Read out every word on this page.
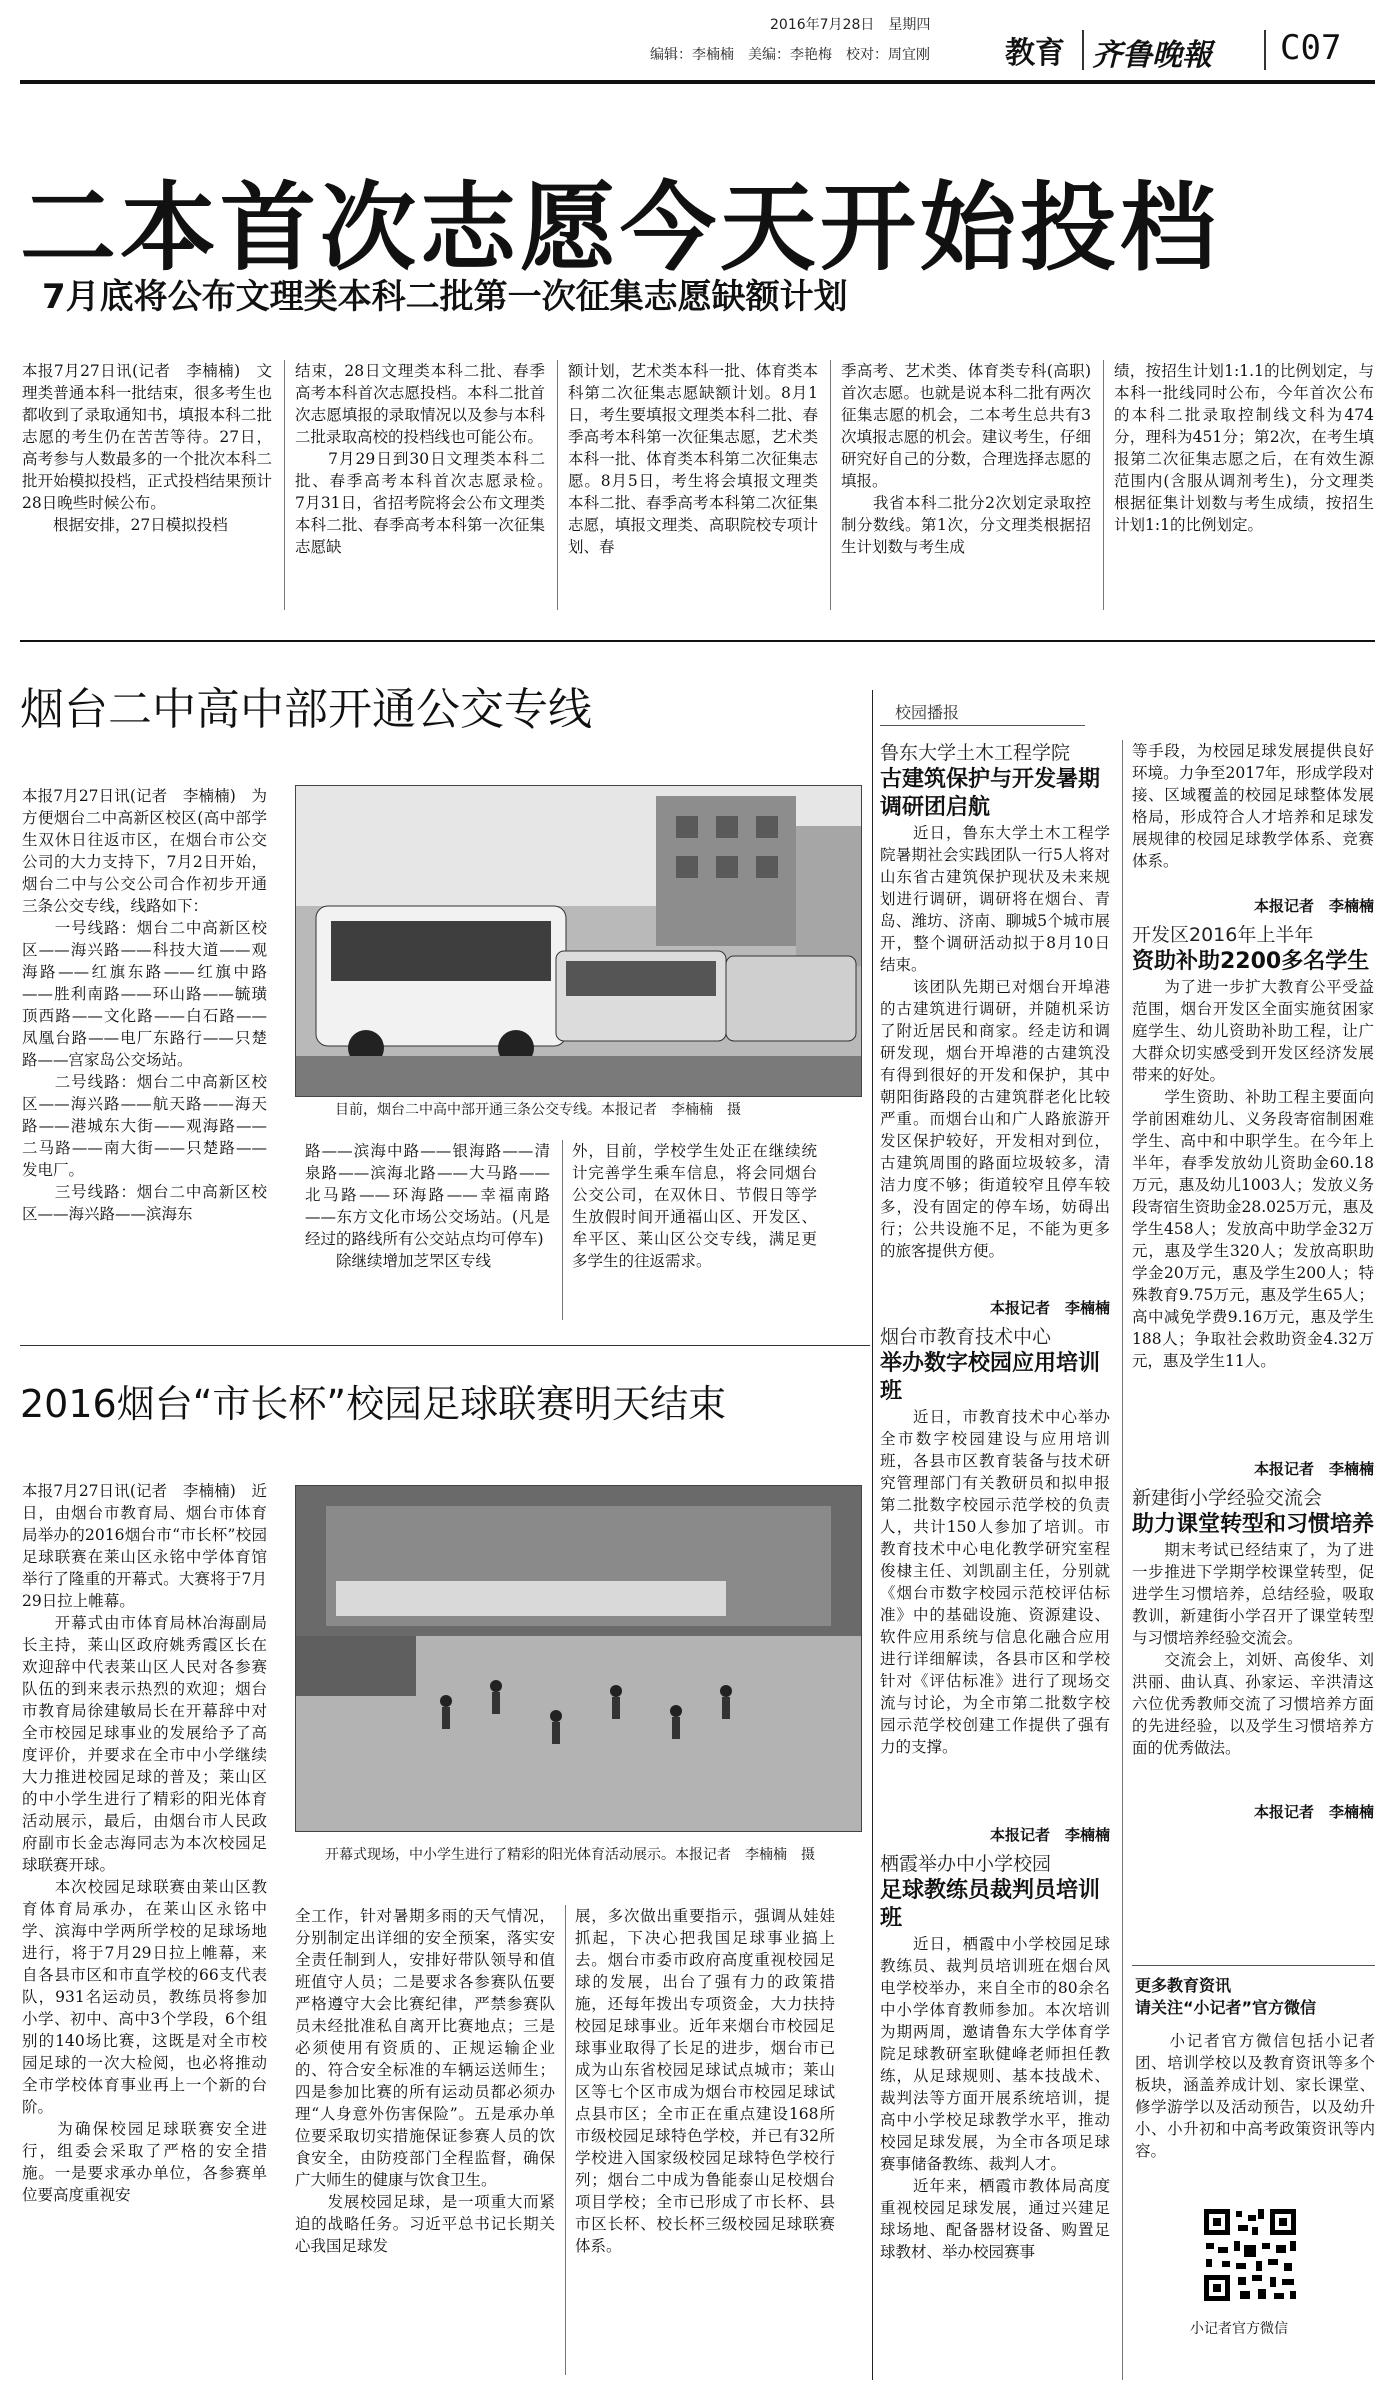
2016年7月28日　星期四
编辑：李楠楠　美编：李艳梅　校对：周宜刚	教育 齐鲁晚報 C07
二本首次志愿今天开始投档
7月底将公布文理类本科二批第一次征集志愿缺额计划
本报7月27日讯(记者　李楠楠)　文理类普通本科一批结束，很多考生也都收到了录取通知书，填报本科二批志愿的考生仍在苦苦等待。27日，高考参与人数最多的一个批次本科二批开始模拟投档，正式投档结果预计28日晚些时候公布。
　　根据安排，27日模拟投档
结束，28日文理类本科二批、春季高考本科首次志愿投档。本科二批首次志愿填报的录取情况以及参与本科二批录取高校的投档线也可能公布。
　　7月29日到30日文理类本科二批、春季高考本科首次志愿录检。　7月31日，省招考院将会公布文理类本科二批、春季高考本科第一次征集志愿缺
额计划，艺术类本科一批、体育类本科第二次征集志愿缺额计划。8月1日，考生要填报文理类本科二批、春季高考本科第一次征集志愿，艺术类本科一批、体育类本科第二次征集志愿。8月5日，考生将会填报文理类本科二批、春季高考本科第二次征集志愿，填报文理类、高职院校专项计划、春
季高考、艺术类、体育类专科(高职)首次志愿。也就是说本科二批有两次征集志愿的机会，二本考生总共有3次填报志愿的机会。建议考生，仔细研究好自己的分数，合理选择志愿的填报。
　　我省本科二批分2次划定录取控制分数线。第1次，分文理类根据招生计划数与考生成
绩，按招生计划1:1.1的比例划定，与本科一批线同时公布，今年首次公布的本科二批录取控制线文科为474分，理科为451分；第2次，在考生填报第二次征集志愿之后，在有效生源范围内(含服从调剂考生)，分文理类根据征集计划数与考生成绩，按招生计划1:1的比例划定。
烟台二中高中部开通公交专线
本报7月27日讯(记者　李楠楠)　为方便烟台二中高新区校区(高中部学生双休日往返市区，在烟台市公交公司的大力支持下，7月2日开始，烟台二中与公交公司合作初步开通三条公交专线，线路如下：
　　一号线路：烟台二中高新区校区——海兴路——科技大道——观海路——红旗东路——红旗中路——胜利南路——环山路——毓璜顶西路——文化路——白石路——凤凰台路——电厂东路行——只楚路——宫家岛公交场站。
　　二号线路：烟台二中高新区校区——海兴路——航天路——海天路——港城东大街——观海路——二马路——南大街——只楚路——发电厂。
　　三号线路：烟台二中高新区校区——海兴路——滨海东
目前，烟台二中高中部开通三条公交专线。本报记者　李楠楠　摄
路——滨海中路——银海路——清泉路——滨海北路——大马路——北马路——环海路——幸福南路——东方文化市场公交场站。(凡是经过的路线所有公交站点均可停车)
　　除继续增加芝罘区专线
外，目前，学校学生处正在继续统计完善学生乘车信息，将会同烟台公交公司，在双休日、节假日等学生放假时间开通福山区、开发区、牟平区、莱山区公交专线，满足更多学生的往返需求。
2016烟台“市长杯”校园足球联赛明天结束
本报7月27日讯(记者　李楠楠)　近日，由烟台市教育局、烟台市体育局举办的2016烟台市“市长杯”校园足球联赛在莱山区永铭中学体育馆举行了隆重的开幕式。大赛将于7月29日拉上帷幕。
　　开幕式由市体育局林冶海副局长主持，莱山区政府姚秀霞区长在欢迎辞中代表莱山区人民对各参赛队伍的到来表示热烈的欢迎；烟台市教育局徐建敏局长在开幕辞中对全市校园足球事业的发展给予了高度评价，并要求在全市中小学继续大力推进校园足球的普及；莱山区的中小学生进行了精彩的阳光体育活动展示，最后，由烟台市人民政府副市长金志海同志为本次校园足球联赛开球。
　　本次校园足球联赛由莱山区教育体育局承办，在莱山区永铭中学、滨海中学两所学校的足球场地进行，将于7月29日拉上帷幕，来自各县市区和市直学校的66支代表队，931名运动员，教练员将参加小学、初中、高中3个学段，6个组别的140场比赛，这既是对全市校园足球的一次大检阅，也必将推动全市学校体育事业再上一个新的台阶。
　　为确保校园足球联赛安全进行，组委会采取了严格的安全措施。一是要求承办单位，各参赛单位要高度重视安
开幕式现场，中小学生进行了精彩的阳光体育活动展示。本报记者　李楠楠　摄
全工作，针对暑期多雨的天气情况，分别制定出详细的安全预案，落实安全责任制到人，安排好带队领导和值班值守人员；二是要求各参赛队伍要严格遵守大会比赛纪律，严禁参赛队员未经批准私自离开比赛地点；三是必须使用有资质的、正规运输企业的、符合安全标准的车辆运送师生；四是参加比赛的所有运动员都必须办理“人身意外伤害保险”。五是承办单位要采取切实措施保证参赛人员的饮食安全，由防疫部门全程监督，确保广大师生的健康与饮食卫生。
　　发展校园足球，是一项重大而紧迫的战略任务。习近平总书记长期关心我国足球发
展，多次做出重要指示，强调从娃娃抓起，下决心把我国足球事业搞上去。烟台市委市政府高度重视校园足球的发展，出台了强有力的政策措施，还每年拨出专项资金，大力扶持校园足球事业。近年来烟台市校园足球事业取得了长足的进步，烟台市已成为山东省校园足球试点城市；莱山区等七个区市成为烟台市校园足球试点县市区；全市正在重点建设168所市级校园足球特色学校，并已有32所学校进入国家级校园足球特色学校行列；烟台二中成为鲁能泰山足校烟台项目学校；全市已形成了市长杯、县市区长杯、校长杯三级校园足球联赛体系。
校园播报
鲁东大学土木工程学院
古建筑保护与开发暑期调研团启航
　　近日，鲁东大学土木工程学院暑期社会实践团队一行5人将对山东省古建筑保护现状及未来规划进行调研，调研将在烟台、青岛、潍坊、济南、聊城5个城市展开，整个调研活动拟于8月10日结束。
　　该团队先期已对烟台开埠港的古建筑进行调研，并随机采访了附近居民和商家。经走访和调研发现，烟台开埠港的古建筑没有得到很好的开发和保护，其中朝阳街路段的古建筑群老化比较严重。而烟台山和广人路旅游开发区保护较好，开发相对到位，古建筑周围的路面垃圾较多，清洁力度不够；街道较窄且停车较多，没有固定的停车场，妨碍出行；公共设施不足，不能为更多的旅客提供方便。
本报记者　李楠楠
烟台市教育技术中心
举办数字校园应用培训班
　　近日，市教育技术中心举办全市数字校园建设与应用培训班，各县市区教育装备与技术研究管理部门有关教研员和拟申报第二批数字校园示范学校的负责人，共计150人参加了培训。市教育技术中心电化教学研究室程俊棣主任、刘凯副主任，分别就《烟台市数字校园示范校评估标准》中的基础设施、资源建设、软件应用系统与信息化融合应用进行详细解读，各县市区和学校针对《评估标准》进行了现场交流与讨论，为全市第二批数字校园示范学校创建工作提供了强有力的支撑。
本报记者　李楠楠
栖霞举办中小学校园
足球教练员裁判员培训班
　　近日，栖霞中小学校园足球教练员、裁判员培训班在烟台风电学校举办，来自全市的80余名中小学体育教师参加。本次培训为期两周，邀请鲁东大学体育学院足球教研室耿健峰老师担任教练，从足球规则、基本技战术、裁判法等方面开展系统培训，提高中小学校足球教学水平，推动校园足球发展，为全市各项足球赛事储备教练、裁判人才。
　　近年来，栖霞市教体局高度重视校园足球发展，通过兴建足球场地、配备器材设备、购置足球教材、举办校园赛事
等手段，为校园足球发展提供良好环境。力争至2017年，形成学段对接、区域覆盖的校园足球整体发展格局，形成符合人才培养和足球发展规律的校园足球教学体系、竞赛体系。
本报记者　李楠楠
开发区2016年上半年
资助补助2200多名学生
　　为了进一步扩大教育公平受益范围，烟台开发区全面实施贫困家庭学生、幼儿资助补助工程，让广大群众切实感受到开发区经济发展带来的好处。
　　学生资助、补助工程主要面向学前困难幼儿、义务段寄宿制困难学生、高中和中职学生。在今年上半年，春季发放幼儿资助金60.18万元，惠及幼儿1003人；发放义务段寄宿生资助金28.025万元，惠及学生458人；发放高中助学金32万元，惠及学生320人；发放高职助学金20万元，惠及学生200人；特殊教育9.75万元，惠及学生65人；高中减免学费9.16万元，惠及学生188人；争取社会救助资金4.32万元，惠及学生11人。
本报记者　李楠楠
新建街小学经验交流会
助力课堂转型和习惯培养
　　期末考试已经结束了，为了进一步推进下学期学校课堂转型，促进学生习惯培养，总结经验，吸取教训，新建街小学召开了课堂转型与习惯培养经验交流会。
　　交流会上，刘妍、高俊华、刘洪丽、曲认真、孙家运、辛洪清这六位优秀教师交流了习惯培养方面的先进经验，以及学生习惯培养方面的优秀做法。
本报记者　李楠楠
更多教育资讯
请关注“小记者”官方微信
　　小记者官方微信包括小记者团、培训学校以及教育资讯等多个板块，涵盖养成计划、家长课堂、修学游学以及活动预告，以及幼升小、小升初和中高考政策资讯等内容。
小记者官方微信
